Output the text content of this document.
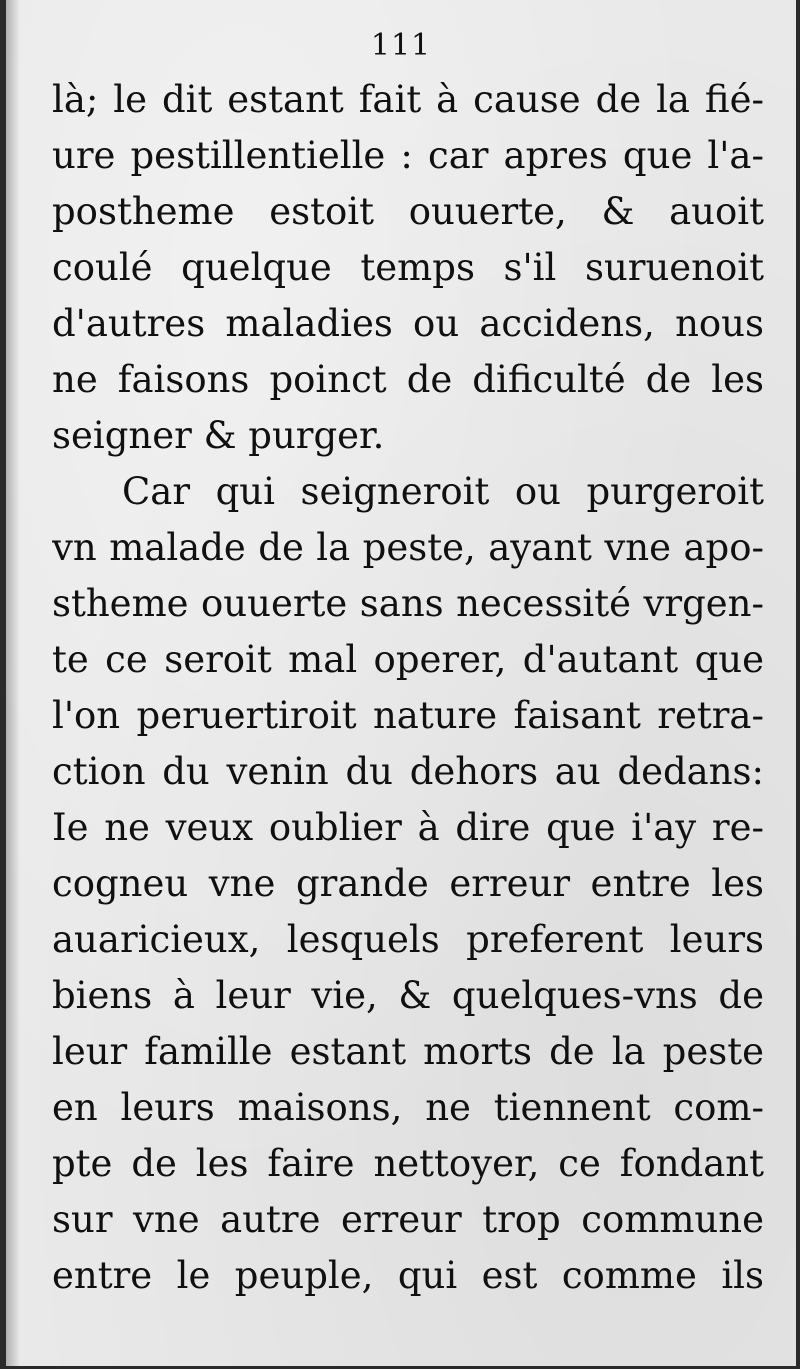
111
là; le dit estant fait à cause de la fié-
ure pestillentielle : car apres que l'a-
postheme estoit ouuerte, & auoit
coulé quelque temps s'il suruenoit
d'autres maladies ou accidens, nous
ne faisons poinct de dificulté de les
seigner & purger.
Car qui seigneroit ou purgeroit
vn malade de la peste, ayant vne apo-
stheme ouuerte sans necessité vrgen-
te ce seroit mal operer, d'autant que
l'on peruertiroit nature faisant retra-
ction du venin du dehors au dedans:
Ie ne veux oublier à dire que i'ay re-
cogneu vne grande erreur entre les
auaricieux, lesquels preferent leurs
biens à leur vie, & quelques-vns de
leur famille estant morts de la peste
en leurs maisons, ne tiennent com-
pte de les faire nettoyer, ce fondant
sur vne autre erreur trop commune
entre le peuple, qui est comme ils
